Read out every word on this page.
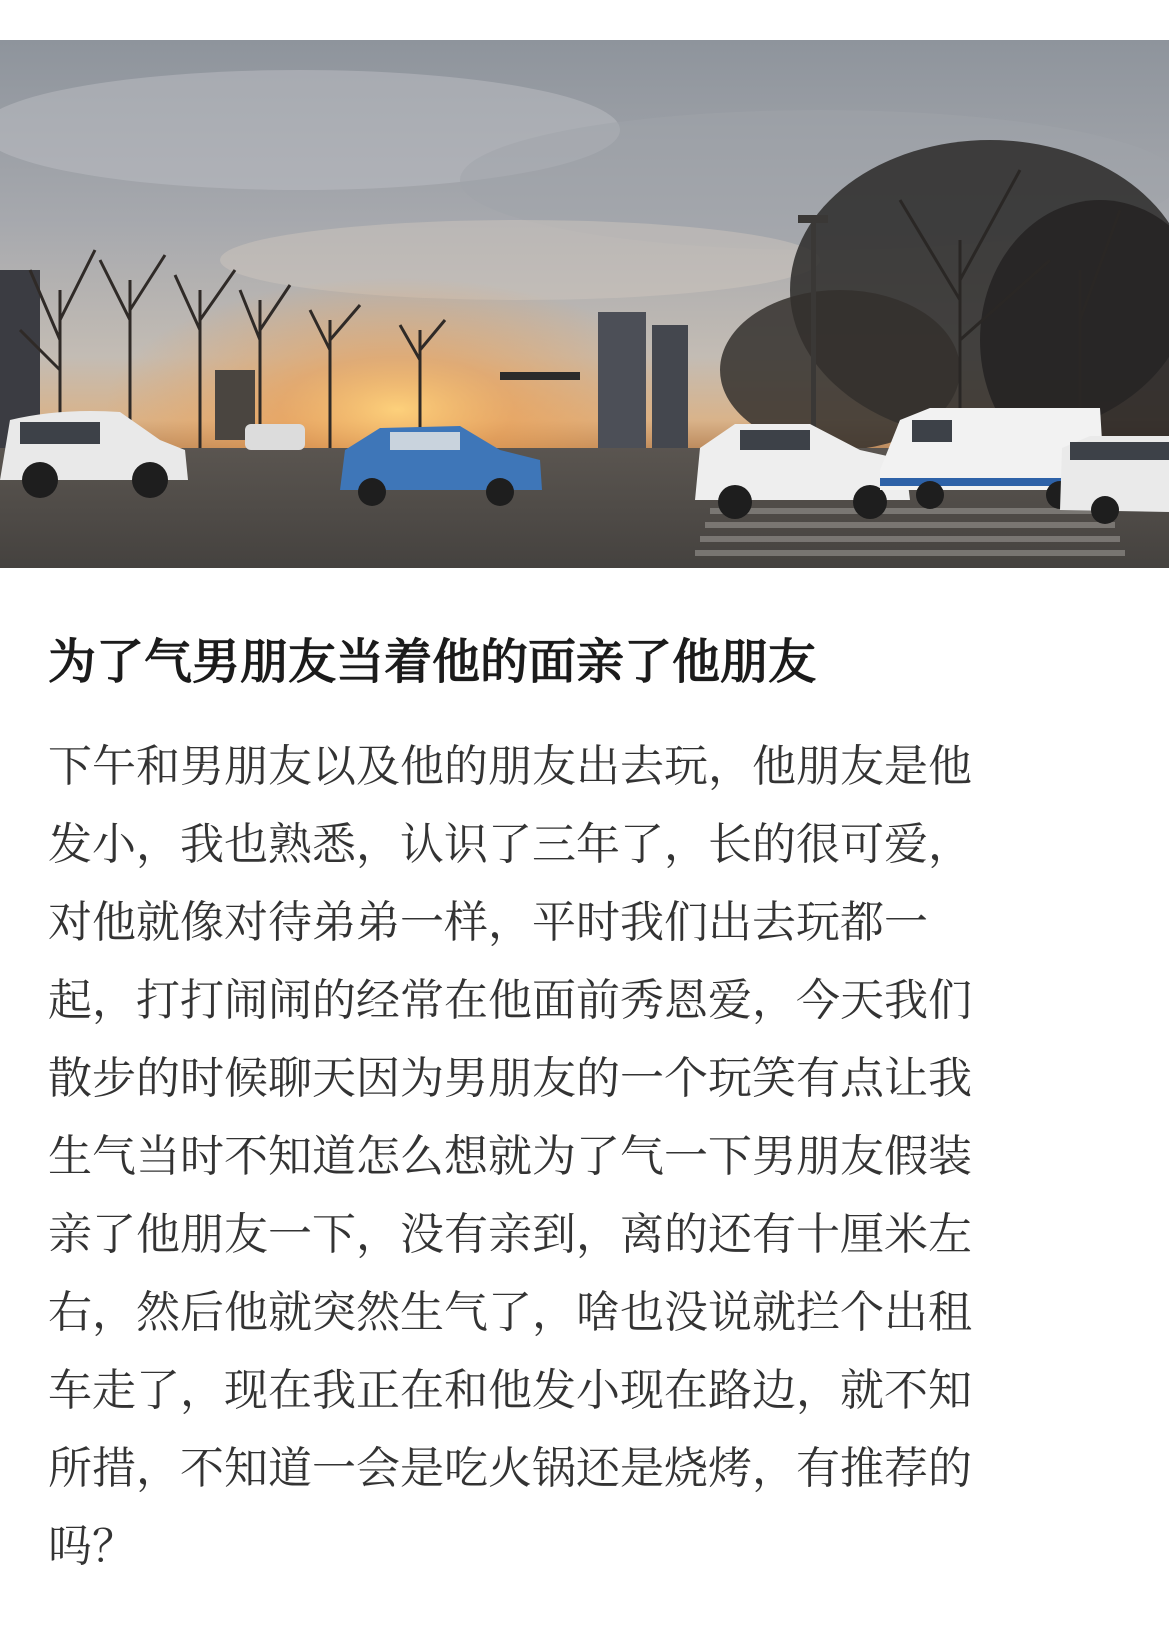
为了气男朋友当着他的面亲了他朋友
下午和男朋友以及他的朋友出去玩，他朋友是他
发小，我也熟悉，认识了三年了，长的很可爱，
对他就像对待弟弟一样，平时我们出去玩都一
起，打打闹闹的经常在他面前秀恩爱，今天我们
散步的时候聊天因为男朋友的一个玩笑有点让我
生气当时不知道怎么想就为了气一下男朋友假装
亲了他朋友一下，没有亲到，离的还有十厘米左
右，然后他就突然生气了，啥也没说就拦个出租
车走了，现在我正在和他发小现在路边，就不知
所措，不知道一会是吃火锅还是烧烤，有推荐的
吗？
